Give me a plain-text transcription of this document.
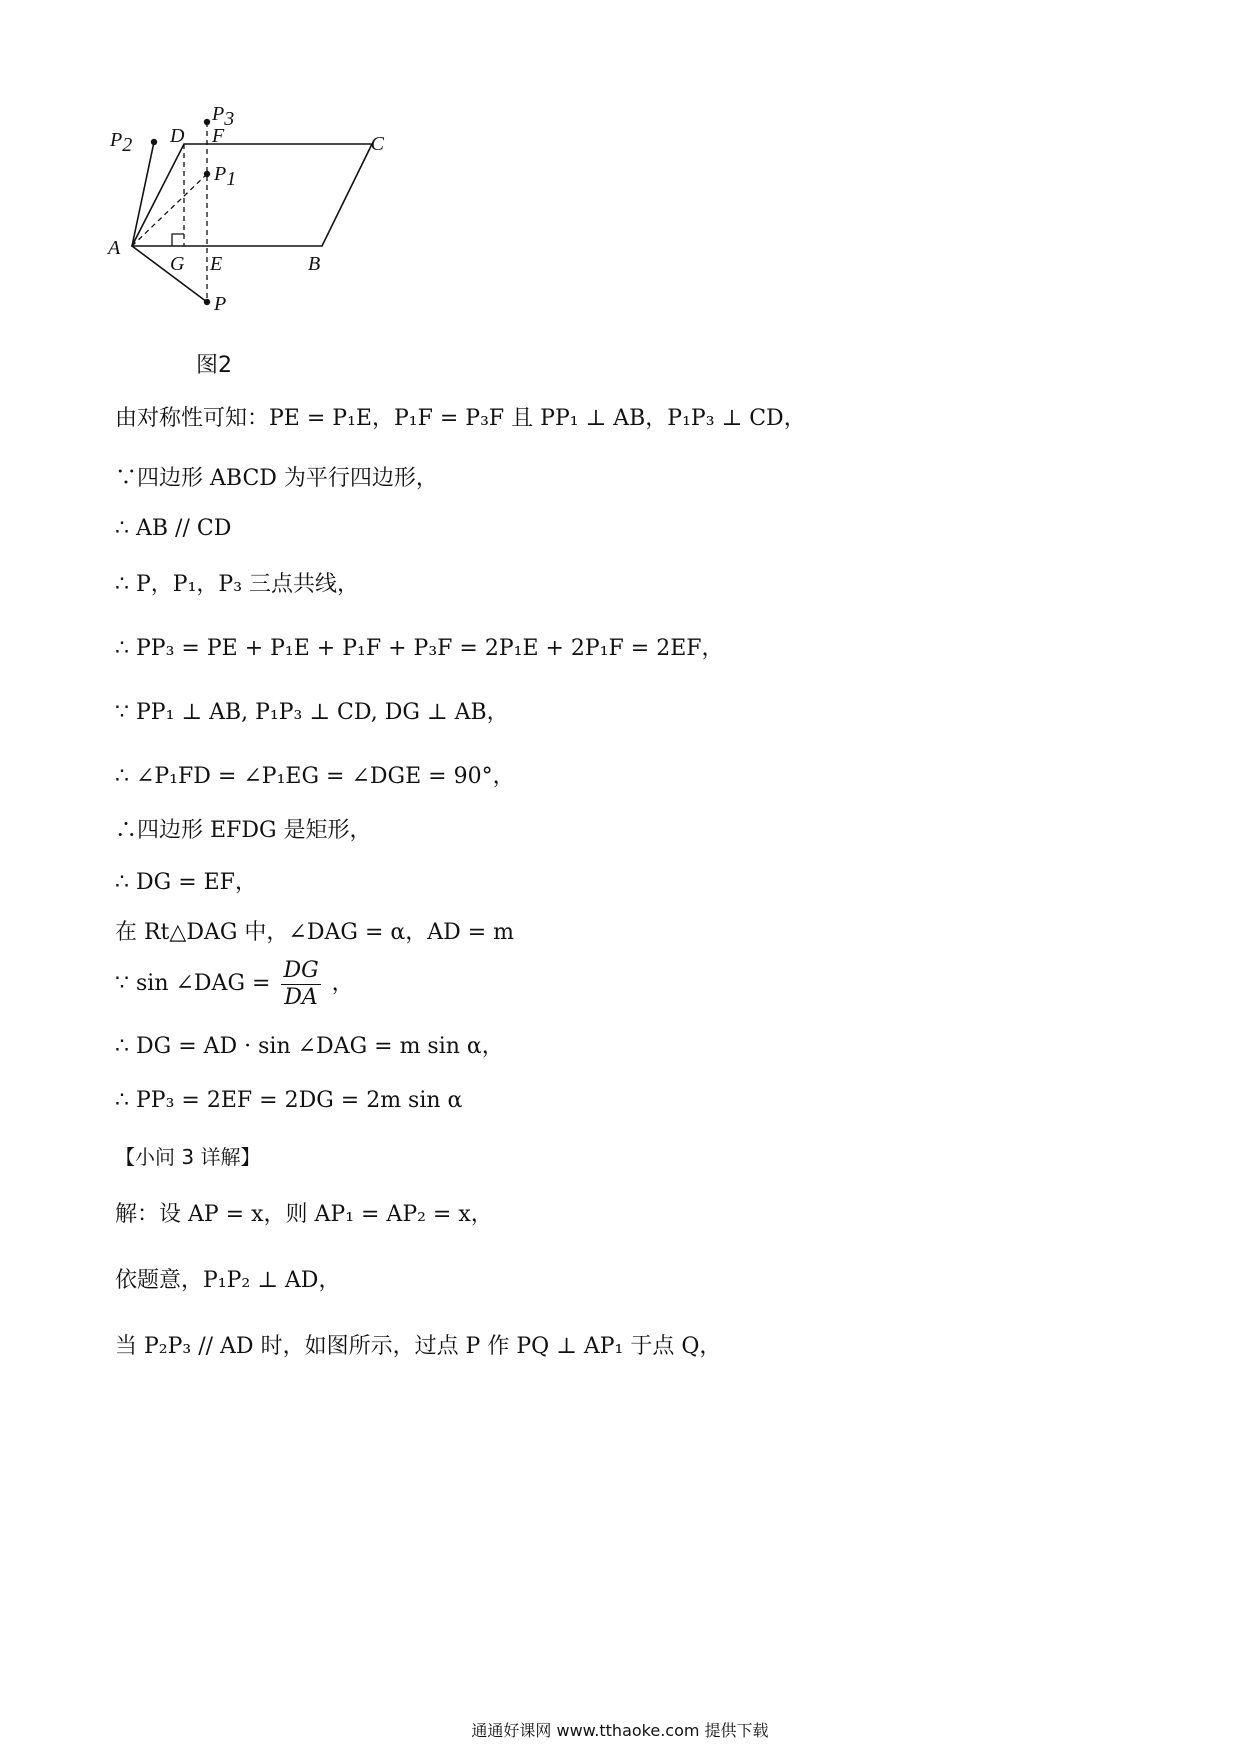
P3
P2 D F	C
P1
A
G E	B
P
图2
由对称性可知：PE = P₁E，P₁F = P₃F 且 PP₁ ⊥ AB，P₁P₃ ⊥ CD，
∵四边形 ABCD 为平行四边形，
∴ AB // CD
∴ P，P₁，P₃ 三点共线，
∴ PP₃ = PE + P₁E + P₁F + P₃F = 2P₁E + 2P₁F = 2EF，
∵ PP₁ ⊥ AB, P₁P₃ ⊥ CD, DG ⊥ AB，
∴ ∠P₁FD = ∠P₁EG = ∠DGE = 90°，
∴四边形 EFDG 是矩形，
∴ DG = EF，
在 Rt△DAG 中，∠DAG = α，AD = m
∵ sin ∠DAG = $\frac{DG}{DA}$ ，
∴ DG = AD · sin ∠DAG = m sin α，
∴ PP₃ = 2EF = 2DG = 2m sin α
【小问 3 详解】
解：设 AP = x，则 AP₁ = AP₂ = x，
依题意，P₁P₂ ⊥ AD，
当 P₂P₃ // AD 时，如图所示，过点 P 作 PQ ⊥ AP₁ 于点 Q，
通通好课网 www.tthaoke.com 提供下载
